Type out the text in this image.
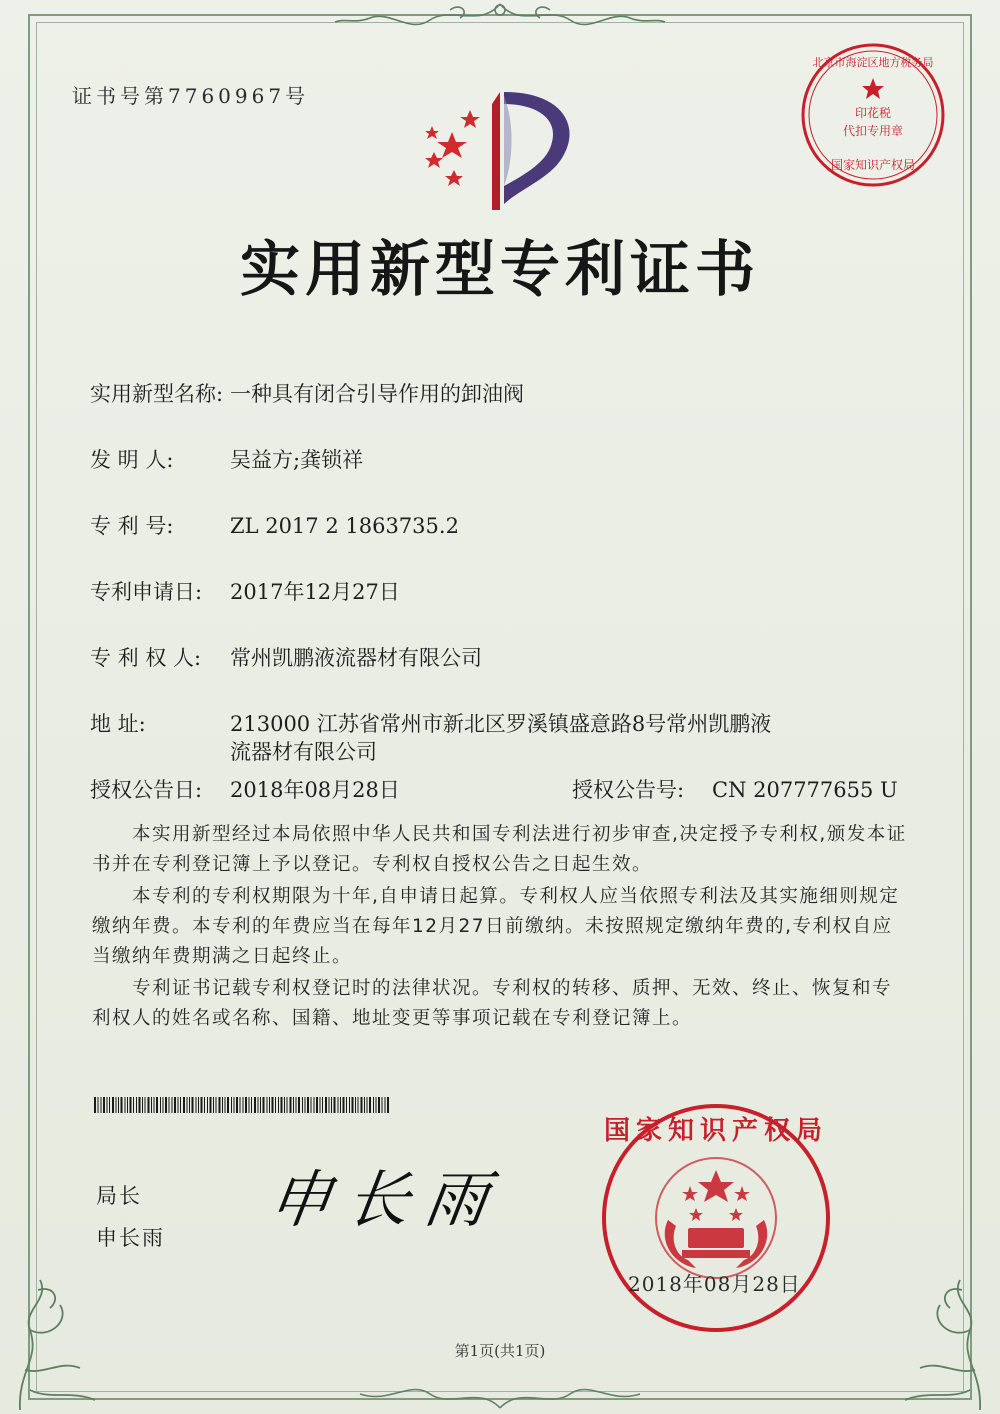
证书号第7760967号
北京市海淀区地方税务局
印花税
代扣专用章
国家知识产权局
实用新型专利证书
实用新型名称: 一种具有闭合引导作用的卸油阀
发 明 人:	吴益方;龚锁祥
专 利 号:	ZL 2017 2 1863735.2
专利申请日: 2017年12月27日
专 利 权 人: 常州凯鹏液流器材有限公司
地 址:	213000 江苏省常州市新北区罗溪镇盛意路8号常州凯鹏液
流器材有限公司
授权公告日: 2018年08月28日	授权公告号: CN 207777655 U

本实用新型经过本局依照中华人民共和国专利法进行初步审查,决定授予专利权,颁发本证书并在专利登记簿上予以登记。专利权自授权公告之日起生效。

本专利的专利权期限为十年,自申请日起算。专利权人应当依照专利法及其实施细则规定缴纳年费。本专利的年费应当在每年12月27日前缴纳。未按照规定缴纳年费的,专利权自应当缴纳年费期满之日起终止。

专利证书记载专利权登记时的法律状况。专利权的转移、质押、无效、终止、恢复和专利权人的姓名或名称、国籍、地址变更等事项记载在专利登记簿上。

局长
申长雨
申长雨
国家知识产权局
2018年08月28日
第1页(共1页)
